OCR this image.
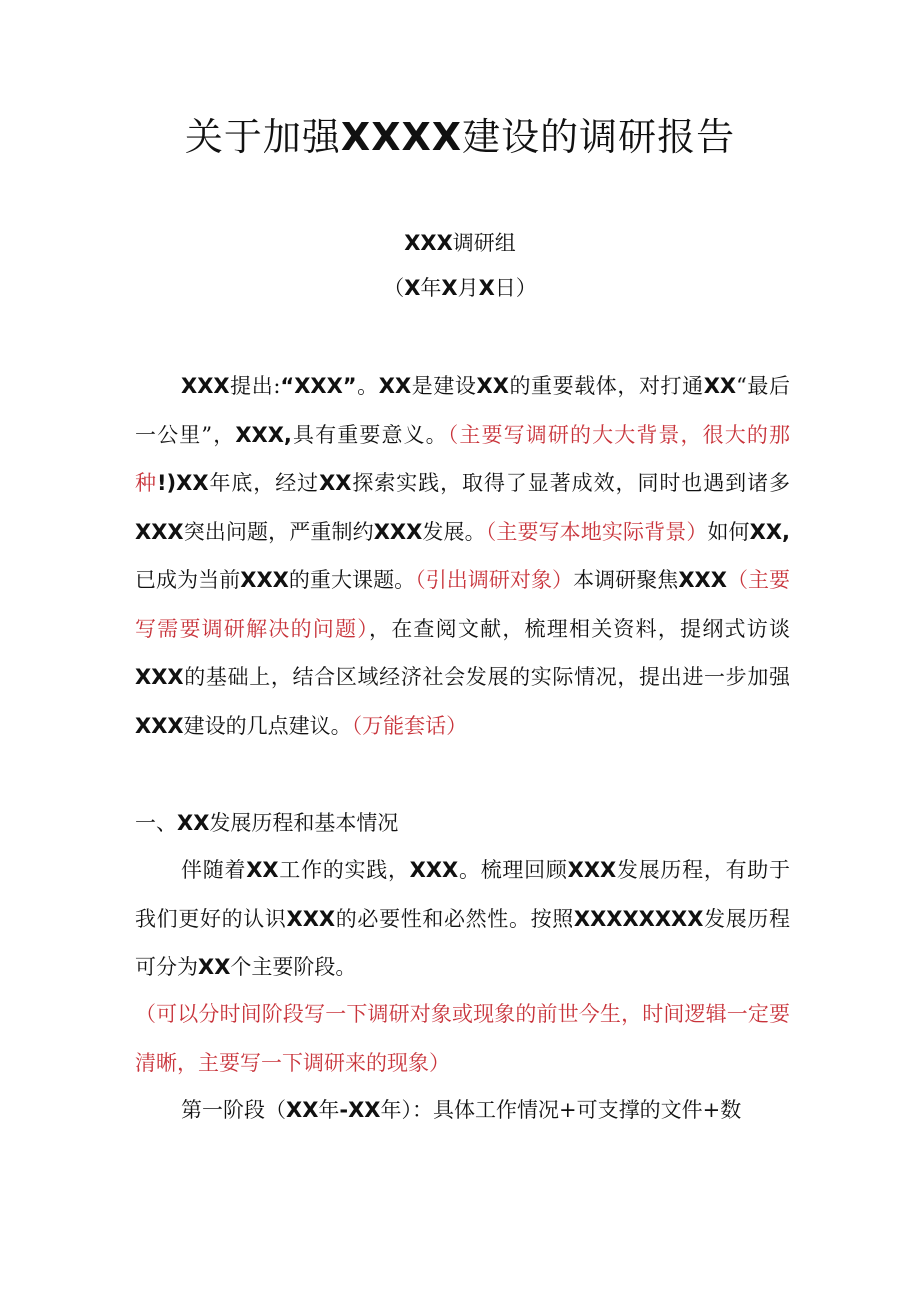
关于加强XXXX建设的调研报告
XXX调研组
（X年X月X日）

XXX提出:“XXX”。XX是建设XX的重要载体，对打通XX“最后一公里”，XXX,具有重要意义。（主要写调研的大大背景，很大的那种!)XX年底，经过XX探索实践，取得了显著成效，同时也遇到诸多XXX突出问题，严重制约XXX发展。（主要写本地实际背景）如何XX,已成为当前XXX的重大课题。（引出调研对象）本调研聚焦XXX（主要写需要调研解决的问题），在查阅文献，梳理相关资料，提纲式访谈XXX的基础上，结合区域经济社会发展的实际情况，提出进一步加强XXX建设的几点建议。（万能套话）

一、XX发展历程和基本情况

伴随着XX工作的实践，XXX。梳理回顾XXX发展历程，有助于我们更好的认识XXX的必要性和必然性。按照XXXXXXXX发展历程可分为XX个主要阶段。

（可以分时间阶段写一下调研对象或现象的前世今生，时间逻辑一定要清晰，主要写一下调研来的现象）

第一阶段（XX年-XX年）：具体工作情况+可支撑的文件+数
